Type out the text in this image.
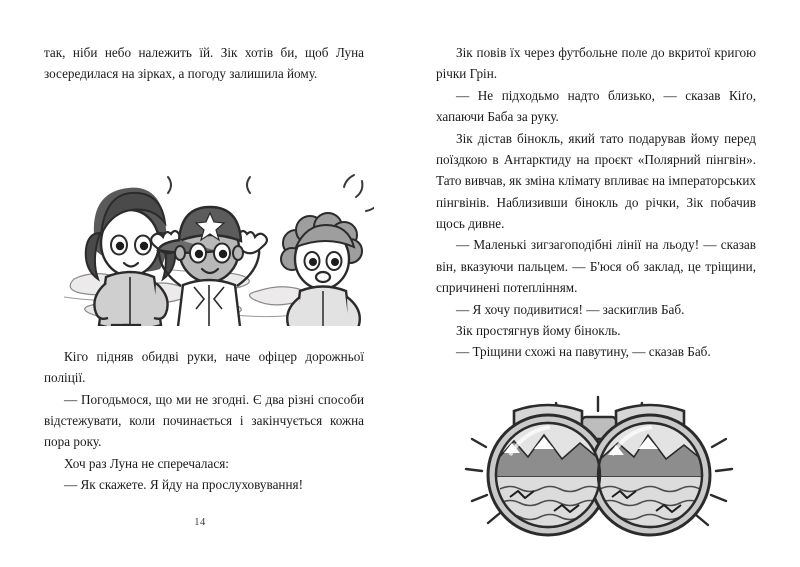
так, ніби небо належить їй. Зік хотів би, щоб Луна зосередилася на зірках, а погоду залишила йому.

Кіго підняв обидві руки, наче офіцер дорожньої поліції.

— Погодьмося, що ми не згодні. Є два різні способи відстежувати, коли починається і закінчується кожна пора року.

Хоч раз Луна не сперечалася:

— Як скажете. Я йду на прослуховування!

14

Зік повів їх через футбольне поле до вкритої кригою річки Грін.

— Не підходьмо надто близько, — сказав Кіґо, хапаючи Баба за руку.

Зік дістав бінокль, який тато подарував йому перед поїздкою в Антарктиду на проєкт «Полярний пінгвін». Тато вивчав, як зміна клімату впливає на імператорських пінгвінів. Наблизивши бінокль до річки, Зік побачив щось дивне.

— Маленькі зигзагоподібні лінії на льоду! — сказав він, вказуючи пальцем. — Б'юся об заклад, це тріщини, спричинені потеплінням.

— Я хочу подивитися! — заскиглив Баб.

Зік простягнув йому бінокль.

— Тріщини схожі на павутину, — сказав Баб.
